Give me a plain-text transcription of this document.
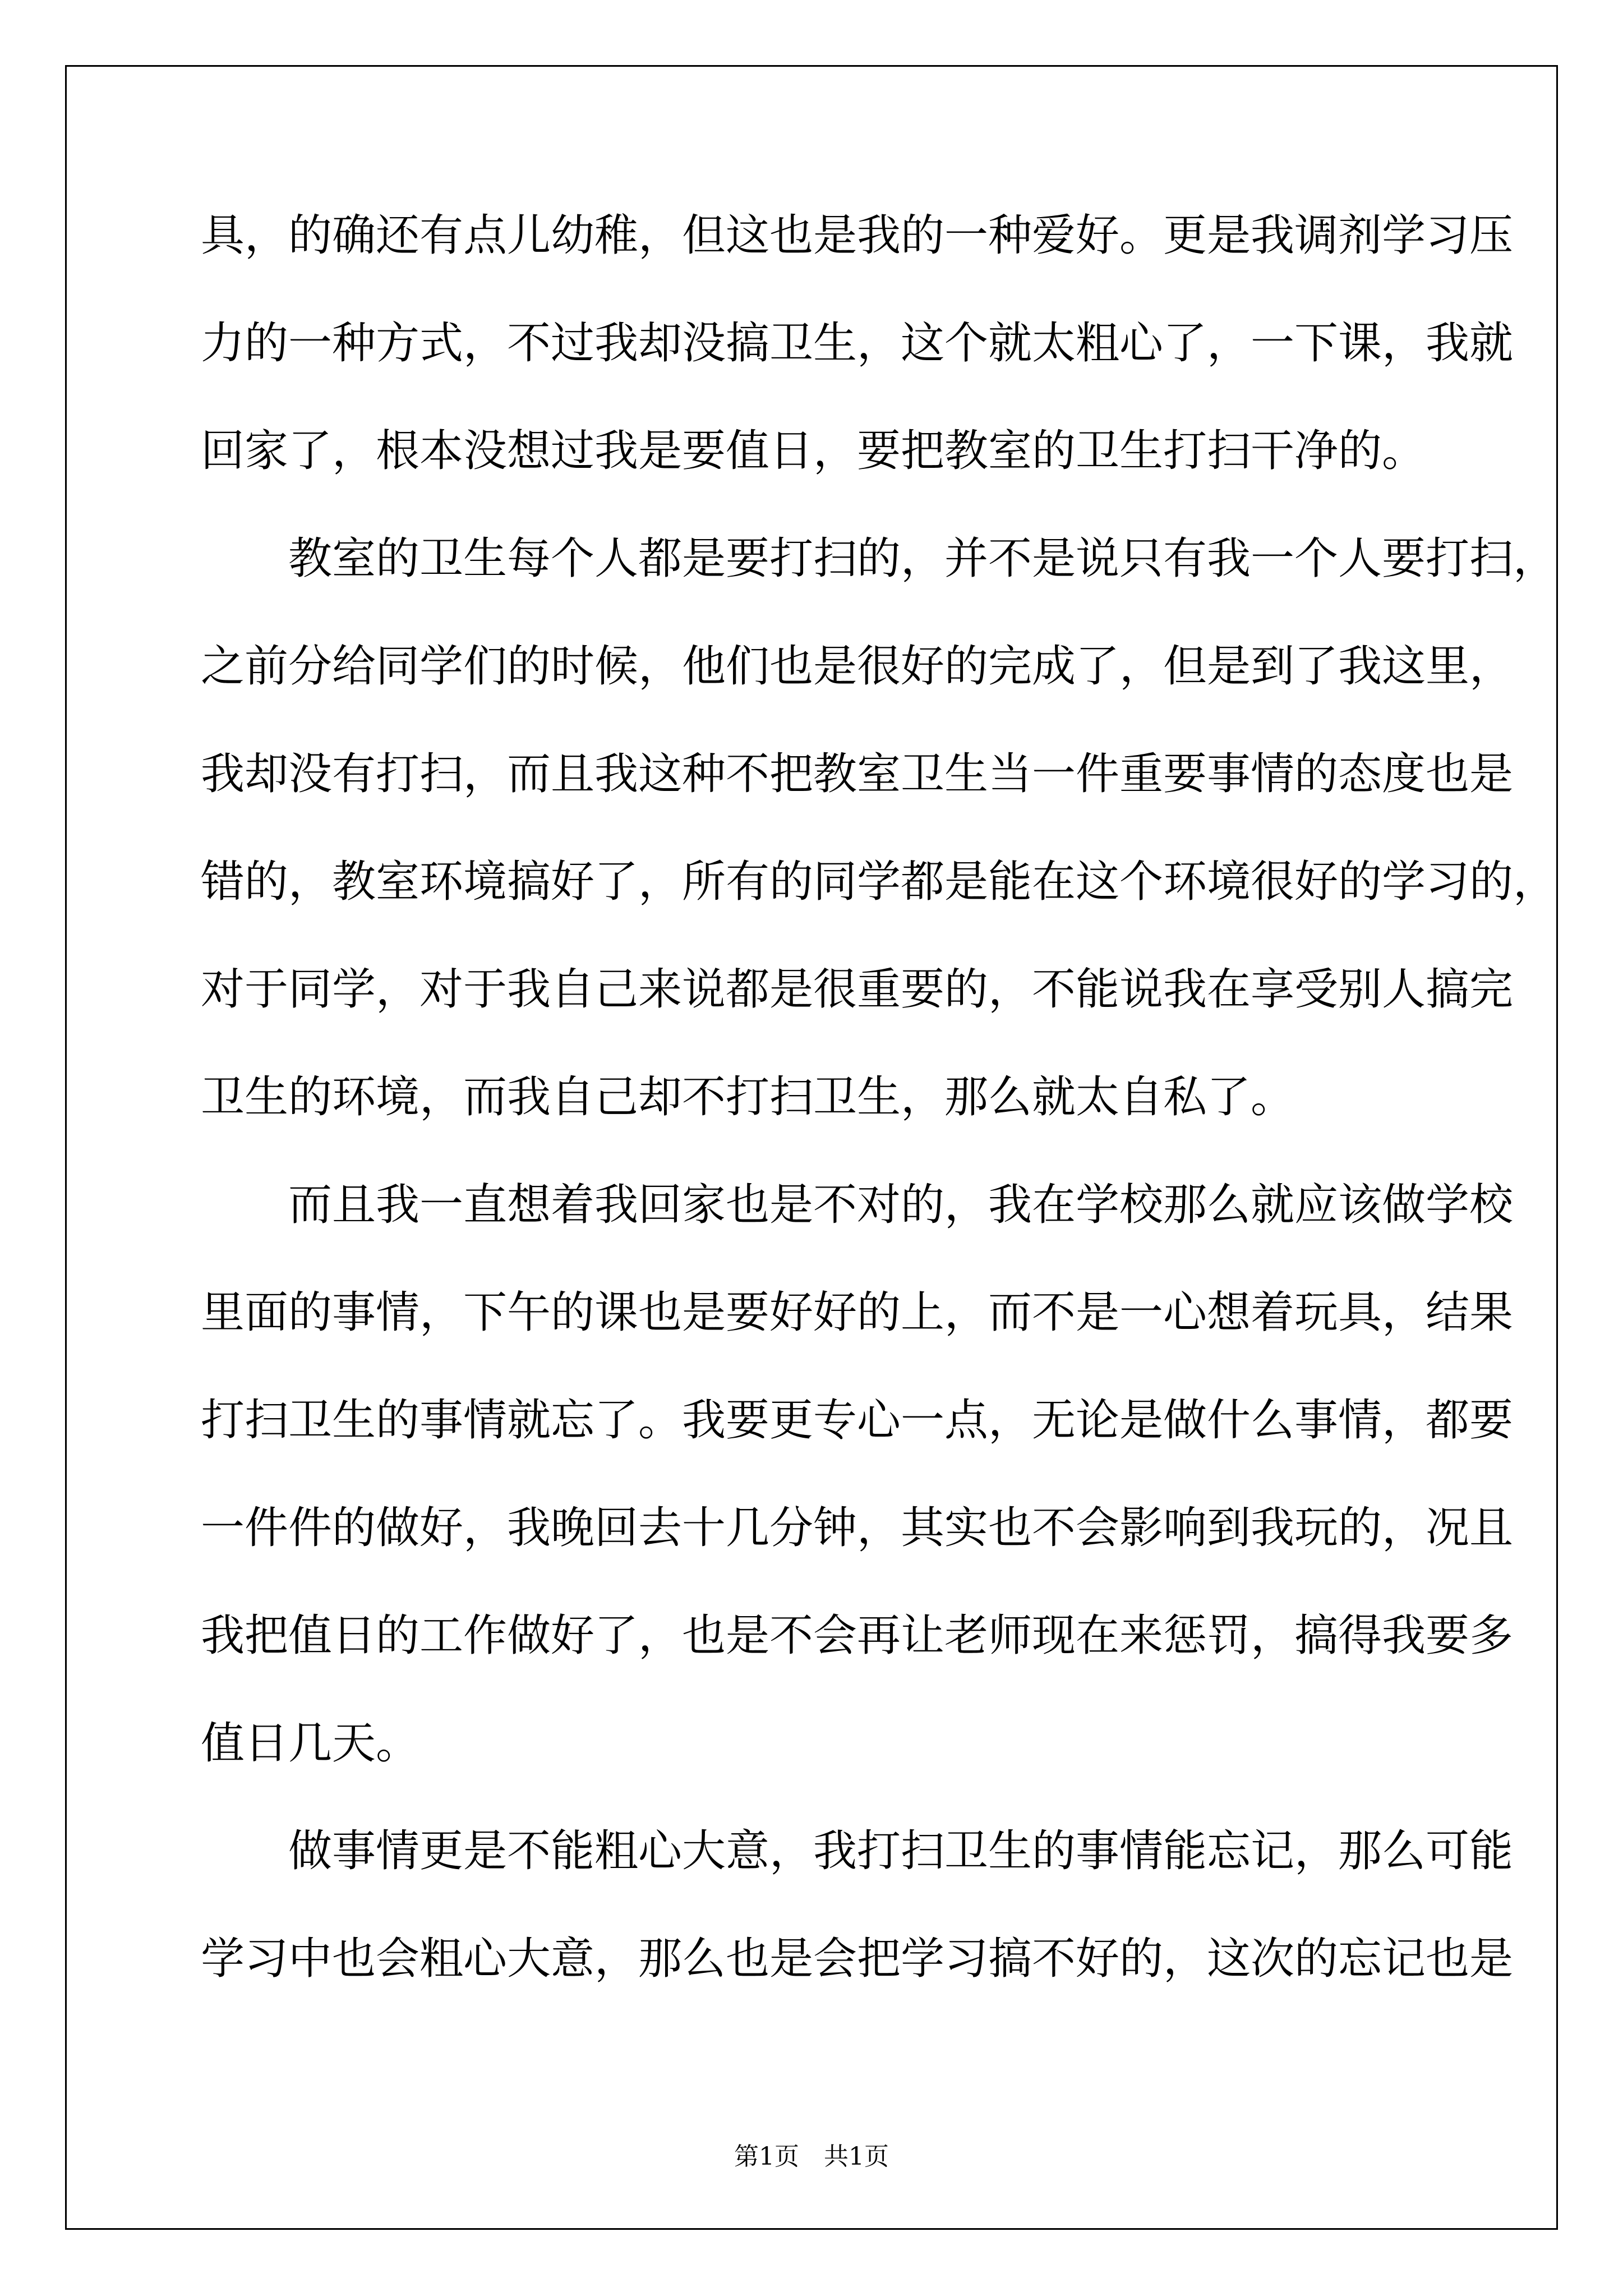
具，的确还有点儿幼稚，但这也是我的一种爱好。更是我调剂学习压
力的一种方式，不过我却没搞卫生，这个就太粗心了，一下课，我就
回家了，根本没想过我是要值日，要把教室的卫生打扫干净的。
　　教室的卫生每个人都是要打扫的，并不是说只有我一个人要打扫，
之前分给同学们的时候，他们也是很好的完成了，但是到了我这里，
我却没有打扫，而且我这种不把教室卫生当一件重要事情的态度也是
错的，教室环境搞好了，所有的同学都是能在这个环境很好的学习的，
对于同学，对于我自己来说都是很重要的，不能说我在享受别人搞完
卫生的环境，而我自己却不打扫卫生，那么就太自私了。
　　而且我一直想着我回家也是不对的，我在学校那么就应该做学校
里面的事情，下午的课也是要好好的上，而不是一心想着玩具，结果
打扫卫生的事情就忘了。我要更专心一点，无论是做什么事情，都要
一件件的做好，我晚回去十几分钟，其实也不会影响到我玩的，况且
我把值日的工作做好了，也是不会再让老师现在来惩罚，搞得我要多
值日几天。
　　做事情更是不能粗心大意，我打扫卫生的事情能忘记，那么可能
学习中也会粗心大意，那么也是会把学习搞不好的，这次的忘记也是
第1页　共1页
